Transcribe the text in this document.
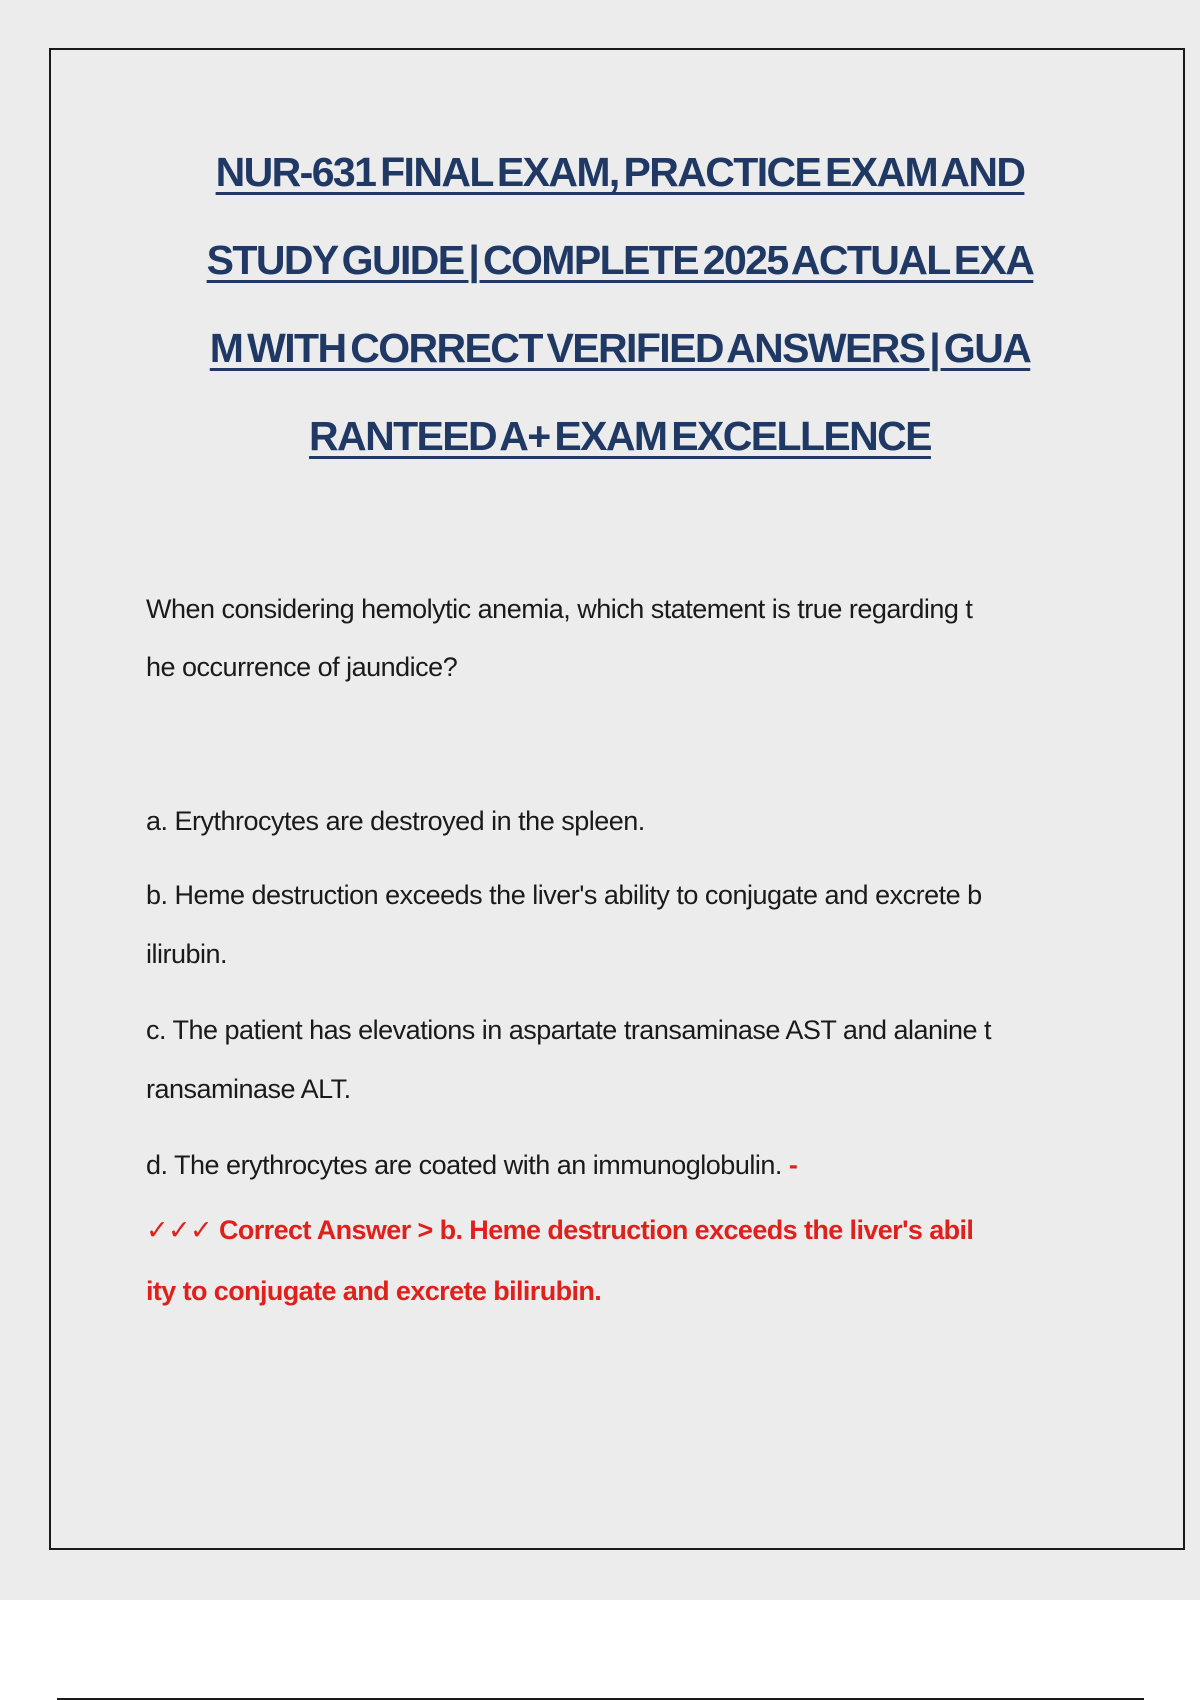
NUR-631 FINAL EXAM, PRACTICE EXAM AND
STUDY GUIDE | COMPLETE 2025 ACTUAL EXA
M WITH CORRECT VERIFIED ANSWERS | GUA
RANTEED A+ EXAM EXCELLENCE
When considering hemolytic anemia, which statement is true regarding t
he occurrence of jaundice?
a. Erythrocytes are destroyed in the spleen.
b. Heme destruction exceeds the liver's ability to conjugate and excrete b
ilirubin.
c. The patient has elevations in aspartate transaminase AST and alanine t
ransaminase ALT.
d. The erythrocytes are coated with an immunoglobulin. -
✓✓✓ Correct Answer > b. Heme destruction exceeds the liver's abil
ity to conjugate and excrete bilirubin.
